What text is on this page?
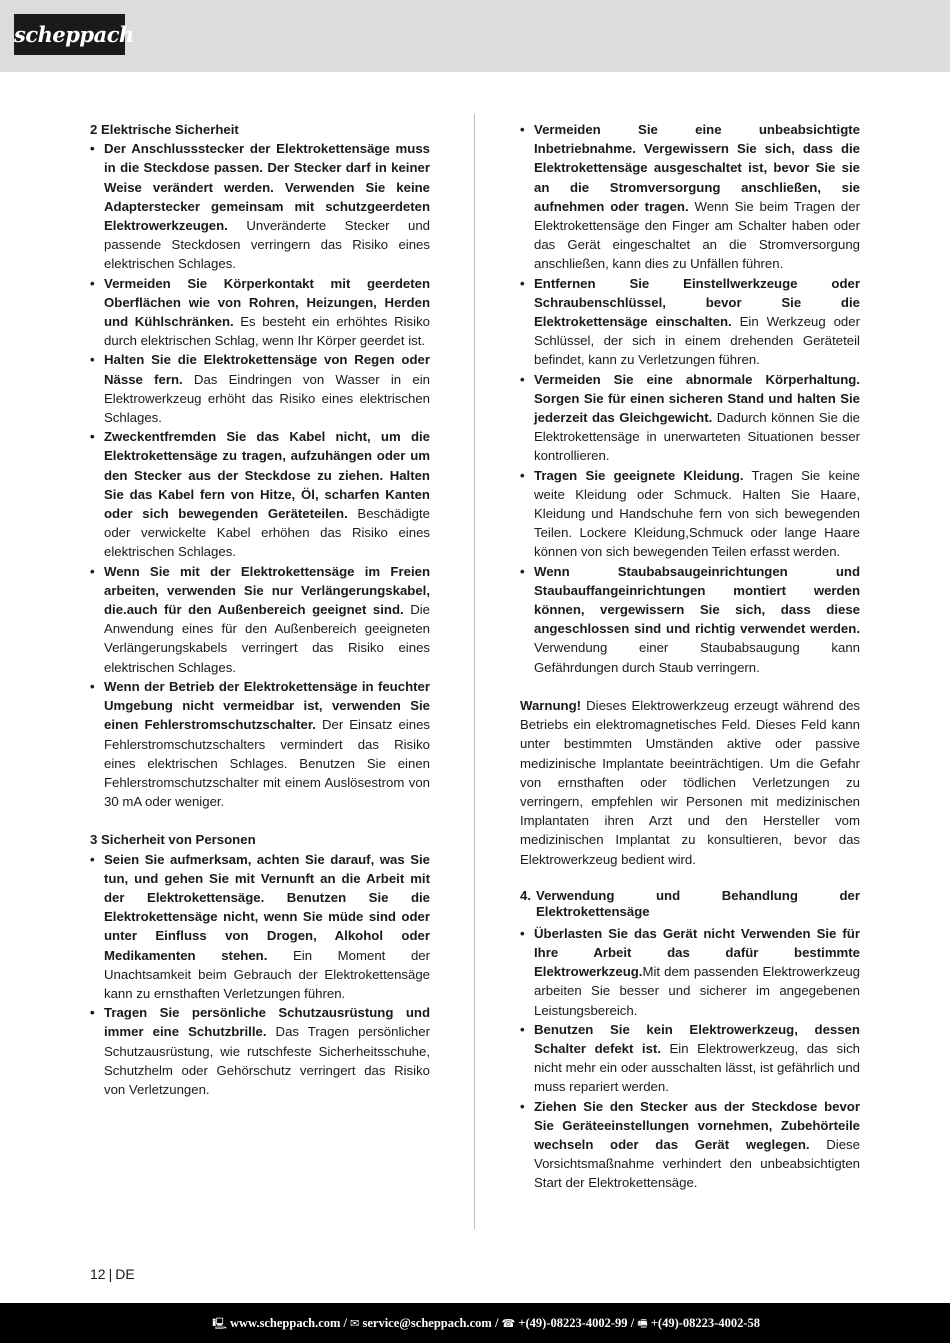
scheppach

2 Elektrische Sicherheit

• Der Anschlussstecker der Elektrokettensäge muss in die Steckdose passen. Der Stecker darf in keiner Weise verändert werden. Verwenden Sie keine Adapterstecker gemeinsam mit schutzgeerdeten Elektrowerkzeugen. Unveränderte Stecker und passende Steckdosen verringern das Risiko eines elektrischen Schlages.
• Vermeiden Sie Körperkontakt mit geerdeten Oberflächen wie von Rohren, Heizungen, Herden und Kühlschränken. Es besteht ein erhöhtes Risiko durch elektrischen Schlag, wenn Ihr Körper geerdet ist.
• Halten Sie die Elektrokettensäge von Regen oder Nässe fern. Das Eindringen von Wasser in ein Elektrowerkzeug erhöht das Risiko eines elektrischen Schlages.
• Zweckentfremden Sie das Kabel nicht, um die Elektrokettensäge zu tragen, aufzuhängen oder um den Stecker aus der Steckdose zu ziehen. Halten Sie das Kabel fern von Hitze, Öl, scharfen Kanten oder sich bewegenden Geräteteilen. Beschädigte oder verwickelte Kabel erhöhen das Risiko eines elektrischen Schlages.
• Wenn Sie mit der Elektrokettensäge im Freien arbeiten, verwenden Sie nur Verlängerungskabel, die.auch für den Außenbereich geeignet sind. Die Anwendung eines für den Außenbereich geeigneten Verlängerungskabels verringert das Risiko eines elektrischen Schlages.
• Wenn der Betrieb der Elektrokettensäge in feuchter Umgebung nicht vermeidbar ist, verwenden Sie einen Fehlerstromschutzschalter. Der Einsatz eines Fehlerstromschutzschalters vermindert das Risiko eines elektrischen Schlages. Benutzen Sie einen Fehlerstromschutzschalter mit einem Auslösestrom von 30 mA oder weniger.

3 Sicherheit von Personen

• Seien Sie aufmerksam, achten Sie darauf, was Sie tun, und gehen Sie mit Vernunft an die Arbeit mit der Elektrokettensäge. Benutzen Sie die Elektrokettensäge nicht, wenn Sie müde sind oder unter Einfluss von Drogen, Alkohol oder Medikamenten stehen. Ein Moment der Unachtsamkeit beim Gebrauch der Elektrokettensäge kann zu ernsthaften Verletzungen führen.
• Tragen Sie persönliche Schutzausrüstung und immer eine Schutzbrille. Das Tragen persönlicher Schutzausrüstung, wie rutschfeste Sicherheitsschuhe, Schutzhelm oder Gehörschutz verringert das Risiko von Verletzungen.
• Vermeiden Sie eine unbeabsichtigte Inbetriebnahme. Vergewissern Sie sich, dass die Elektrokettensäge ausgeschaltet ist, bevor Sie sie an die Stromversorgung anschließen, sie aufnehmen oder tragen. Wenn Sie beim Tragen der Elektrokettensäge den Finger am Schalter haben oder das Gerät eingeschaltet an die Stromversorgung anschließen, kann dies zu Unfällen führen.
• Entfernen Sie Einstellwerkzeuge oder Schraubenschlüssel, bevor Sie die Elektrokettensäge einschalten. Ein Werkzeug oder Schlüssel, der sich in einem drehenden Geräteteil befindet, kann zu Verletzungen führen.
• Vermeiden Sie eine abnormale Körperhaltung. Sorgen Sie für einen sicheren Stand und halten Sie jederzeit das Gleichgewicht. Dadurch können Sie die Elektrokettensäge in unerwarteten Situationen besser kontrollieren.
• Tragen Sie geeignete Kleidung. Tragen Sie keine weite Kleidung oder Schmuck. Halten Sie Haare, Kleidung und Handschuhe fern von sich bewegenden Teilen. Lockere Kleidung,Schmuck oder lange Haare können von sich bewegenden Teilen erfasst werden.
• Wenn Staubabsaugeinrichtungen und Staubauffangeinrichtungen montiert werden können, vergewissern Sie sich, dass diese angeschlossen sind und richtig verwendet werden. Verwendung einer Staubabsaugung kann Gefährdungen durch Staub verringern.

Warnung! Dieses Elektrowerkzeug erzeugt während des Betriebs ein elektromagnetisches Feld. Dieses Feld kann unter bestimmten Umständen aktive oder passive medizinische Implantate beeinträchtigen. Um die Gefahr von ernsthaften oder tödlichen Verletzungen zu verringern, empfehlen wir Personen mit medizinischen Implantaten ihren Arzt und den Hersteller vom medizinischen Implantat zu konsultieren, bevor das Elektrowerkzeug bedient wird.

4. Verwendung und Behandlung der Elektrokettensäge
• Überlasten Sie das Gerät nicht Verwenden Sie für Ihre Arbeit das dafür bestimmte Elektrowerkzeug.Mit dem passenden Elektrowerkzeug arbeiten Sie besser und sicherer im angegebenen Leistungsbereich.
• Benutzen Sie kein Elektrowerkzeug, dessen Schalter defekt ist. Ein Elektrowerkzeug, das sich nicht mehr ein oder ausschalten lässt, ist gefährlich und muss repariert werden.
• Ziehen Sie den Stecker aus der Steckdose bevor Sie Geräteeinstellungen vornehmen, Zubehörteile wechseln oder das Gerät weglegen. Diese Vorsichtsmaßnahme verhindert den unbeabsichtigten Start der Elektrokettensäge.
12 | DE
🖳 www.scheppach.com / ✉ service@scheppach.com / ☎ +(49)-08223-4002-99 / 🖷 +(49)-08223-4002-58
